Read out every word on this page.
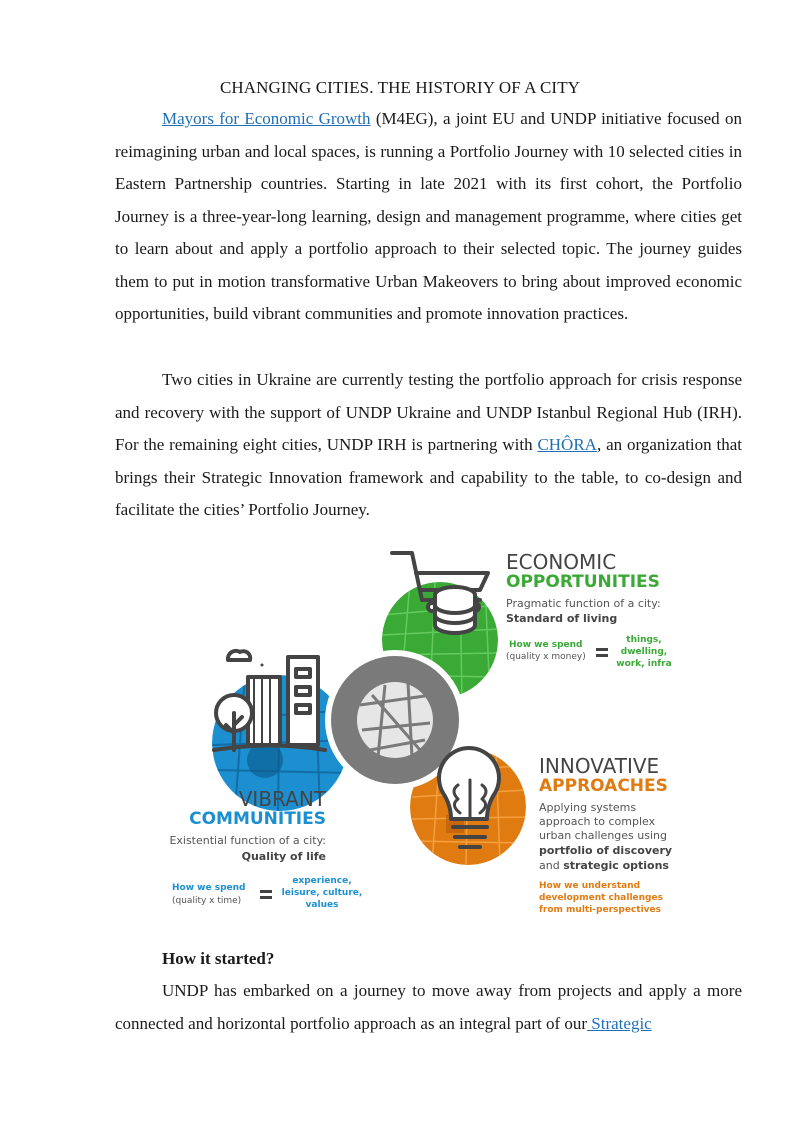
CHANGING CITIES. THE HISTORIY OF A CITY

Mayors for Economic Growth (M4EG), a joint EU and UNDP initiative focused on reimagining urban and local spaces, is running a Portfolio Journey with 10 selected cities in Eastern Partnership countries. Starting in late 2021 with its first cohort, the Portfolio Journey is a three-year-long learning, design and management programme, where cities get to learn about and apply a portfolio approach to their selected topic. The journey guides them to put in motion transformative Urban Makeovers to bring about improved economic opportunities, build vibrant communities and promote innovation practices.

Two cities in Ukraine are currently testing the portfolio approach for crisis response and recovery with the support of UNDP Ukraine and UNDP Istanbul Regional Hub (IRH). For the remaining eight cities, UNDP IRH is partnering with CHÔRA, an organization that brings their Strategic Innovation framework and capability to the table, to co-design and facilitate the cities’ Portfolio Journey.

ECONOMIC
OPPORTUNITIES
Pragmatic function of a city:
Standard of living
How we spend
(quality x money)
things,
dwelling,
work, infra
INNOVATIVE
APPROACHES
Applying systems
approach to complex
urban challenges using
portfolio of discovery
and strategic options
How we understand
development challenges
from multi-perspectives
VIBRANT
COMMUNITIES
Existential function of a city:
Quality of life
How we spend
(quality x time)
experience,
leisure, culture,
values
How it started?

UNDP has embarked on a journey to move away from projects and apply a more connected and horizontal portfolio approach as an integral part of our Strategic
